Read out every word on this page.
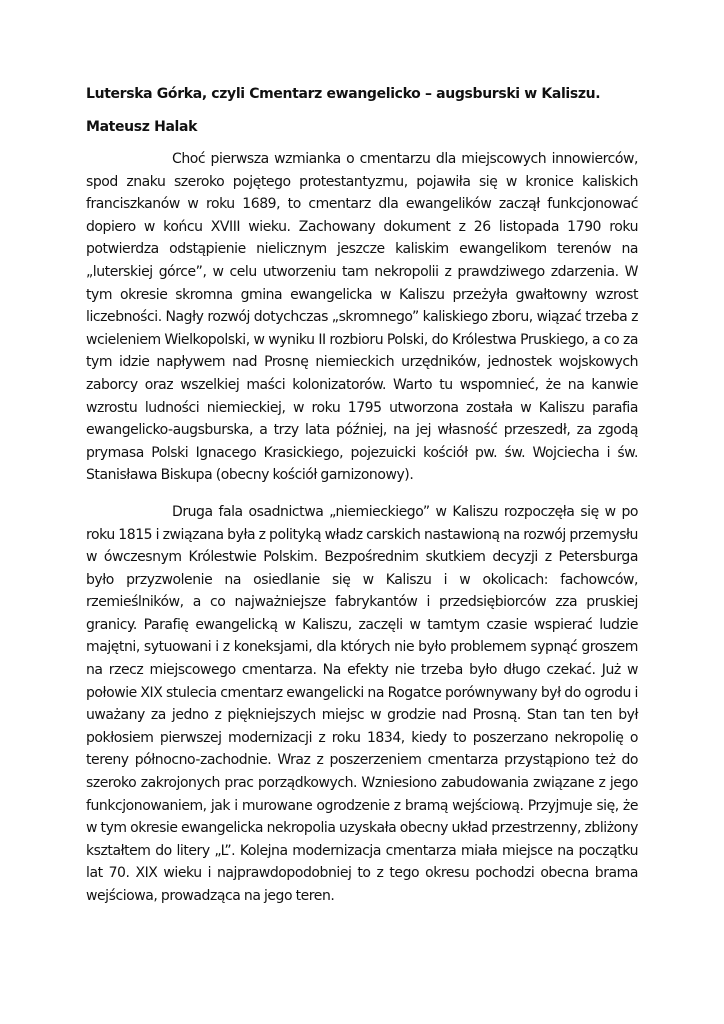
Luterska Górka, czyli Cmentarz ewangelicko – augsburski w Kaliszu.
Mateusz Halak

Choć pierwsza wzmianka o cmentarzu dla miejscowych innowierców, spod znaku szeroko pojętego protestantyzmu, pojawiła się w kronice kaliskich franciszkanów w roku 1689, to cmentarz dla ewangelików zaczął funkcjonować dopiero w końcu XVIII wieku. Zachowany dokument z 26 listopada 1790 roku potwierdza odstąpienie nielicznym jeszcze kaliskim ewangelikom terenów na „luterskiej górce”, w celu utworzeniu tam nekropolii z prawdziwego zdarzenia. W tym okresie skromna gmina ewangelicka w Kaliszu przeżyła gwałtowny wzrost liczebności. Nagły rozwój dotychczas „skromnego” kaliskiego zboru, wiązać trzeba z wcieleniem Wielkopolski, w wyniku II rozbioru Polski, do Królestwa Pruskiego, a co za tym idzie napływem nad Prosnę niemieckich urzędników, jednostek wojskowych zaborcy oraz wszelkiej maści kolonizatorów. Warto tu wspomnieć, że na kanwie wzrostu ludności niemieckiej, w roku 1795 utworzona została w Kaliszu parafia ewangelicko-augsburska, a trzy lata później, na jej własność przeszedł, za zgodą prymasa Polski Ignacego Krasickiego, pojezuicki kościół pw. św. Wojciecha i św. Stanisława Biskupa (obecny kościół garnizonowy).

Druga fala osadnictwa „niemieckiego” w Kaliszu rozpoczęła się w po roku 1815 i związana była z polityką władz carskich nastawioną na rozwój przemysłu w ówczesnym Królestwie Polskim. Bezpośrednim skutkiem decyzji z Petersburga było przyzwolenie na osiedlanie się w Kaliszu i w okolicach: fachowców, rzemieślników, a co najważniejsze fabrykantów i przedsiębiorców zza pruskiej granicy. Parafię ewangelicką w Kaliszu, zaczęli w tamtym czasie wspierać ludzie majętni, sytuowani i z koneksjami, dla których nie było problemem sypnąć groszem na rzecz miejscowego cmentarza. Na efekty nie trzeba było długo czekać. Już w połowie XIX stulecia cmentarz ewangelicki na Rogatce porównywany był do ogrodu i uważany za jedno z piękniejszych miejsc w grodzie nad Prosną. Stan tan ten był pokłosiem pierwszej modernizacji z roku 1834, kiedy to poszerzano nekropolię o tereny północno-zachodnie. Wraz z poszerzeniem cmentarza przystąpiono też do szeroko zakrojonych prac porządkowych. Wzniesiono zabudowania związane z jego funkcjonowaniem, jak i murowane ogrodzenie z bramą wejściową. Przyjmuje się, że w tym okresie ewangelicka nekropolia uzyskała obecny układ przestrzenny, zbliżony kształtem do litery „L”. Kolejna modernizacja cmentarza miała miejsce na początku lat 70. XIX wieku i najprawdopodobniej to z tego okresu pochodzi obecna brama wejściowa, prowadząca na jego teren.
